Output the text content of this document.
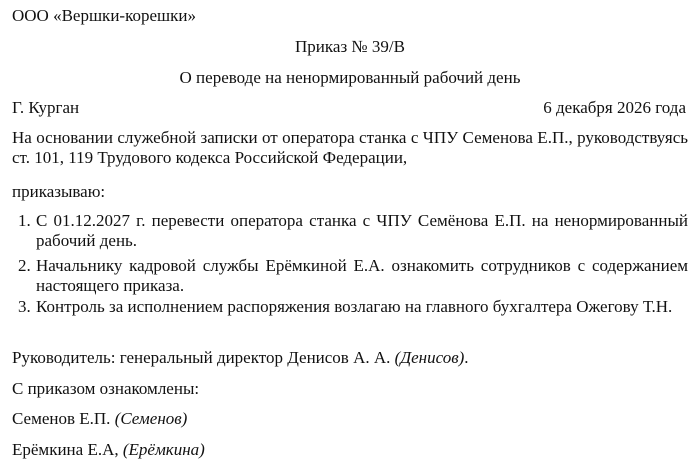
ООО «Вершки-корешки»
Приказ № 39/В
О переводе на ненормированный рабочий день
Г. Курган	6 декабря 2026 года
На основании служебной записки от оператора станка с ЧПУ Семенова Е.П., руководствуясь ст. 101, 119 Трудового кодекса Российской Федерации,
приказываю:
1. С 01.12.2027 г. перевести оператора станка с ЧПУ Семёнова Е.П. на ненормированный рабочий день.
2. Начальнику кадровой службы Ерёмкиной Е.А. ознакомить сотрудников с содержанием настоящего приказа.
3. Контроль за исполнением распоряжения возлагаю на главного бухгалтера Ожегову Т.Н.
Руководитель: генеральный директор Денисов А. А. (Денисов).
С приказом ознакомлены:
Семенов Е.П. (Семенов)
Ерёмкина Е.А, (Ерёмкина)
